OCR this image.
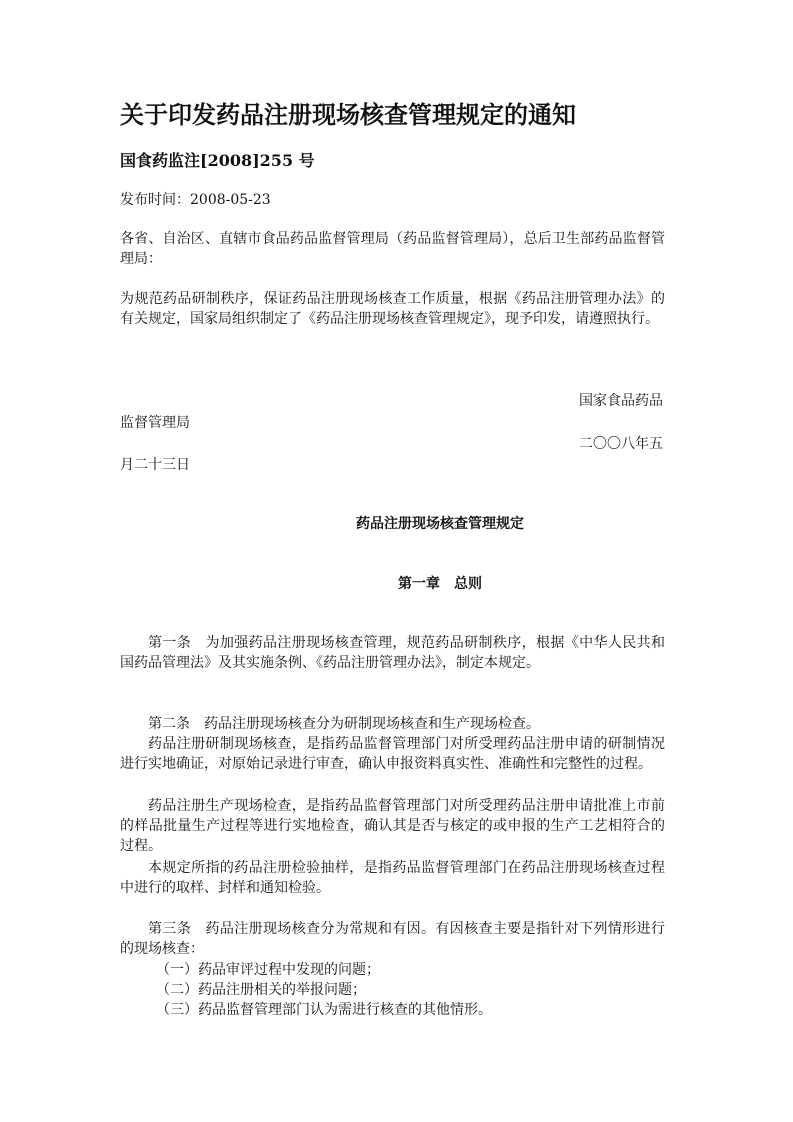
关于印发药品注册现场核查管理规定的通知
国食药监注[2008]255 号
发布时间：2008-05-23

各省、自治区、直辖市食品药品监督管理局（药品监督管理局），总后卫生部药品监督管理局：

为规范药品研制秩序，保证药品注册现场核查工作质量，根据《药品注册管理办法》的有关规定，国家局组织制定了《药品注册现场核查管理规定》，现予印发，请遵照执行。

国家食品药品
监督管理局
二〇〇八年五
月二十三日
药品注册现场核查管理规定
第一章　总则

第一条　为加强药品注册现场核查管理，规范药品研制秩序，根据《中华人民共和国药品管理法》及其实施条例、《药品注册管理办法》，制定本规定。

第二条　药品注册现场核查分为研制现场核查和生产现场检查。

药品注册研制现场核查，是指药品监督管理部门对所受理药品注册申请的研制情况进行实地确证，对原始记录进行审查，确认申报资料真实性、准确性和完整性的过程。

药品注册生产现场检查，是指药品监督管理部门对所受理药品注册申请批准上市前的样品批量生产过程等进行实地检查，确认其是否与核定的或申报的生产工艺相符合的过程。

本规定所指的药品注册检验抽样，是指药品监督管理部门在药品注册现场核查过程中进行的取样、封样和通知检验。

第三条　药品注册现场核查分为常规和有因。有因核查主要是指针对下列情形进行的现场核查：

（一）药品审评过程中发现的问题；
（二）药品注册相关的举报问题；
（三）药品监督管理部门认为需进行核查的其他情形。
